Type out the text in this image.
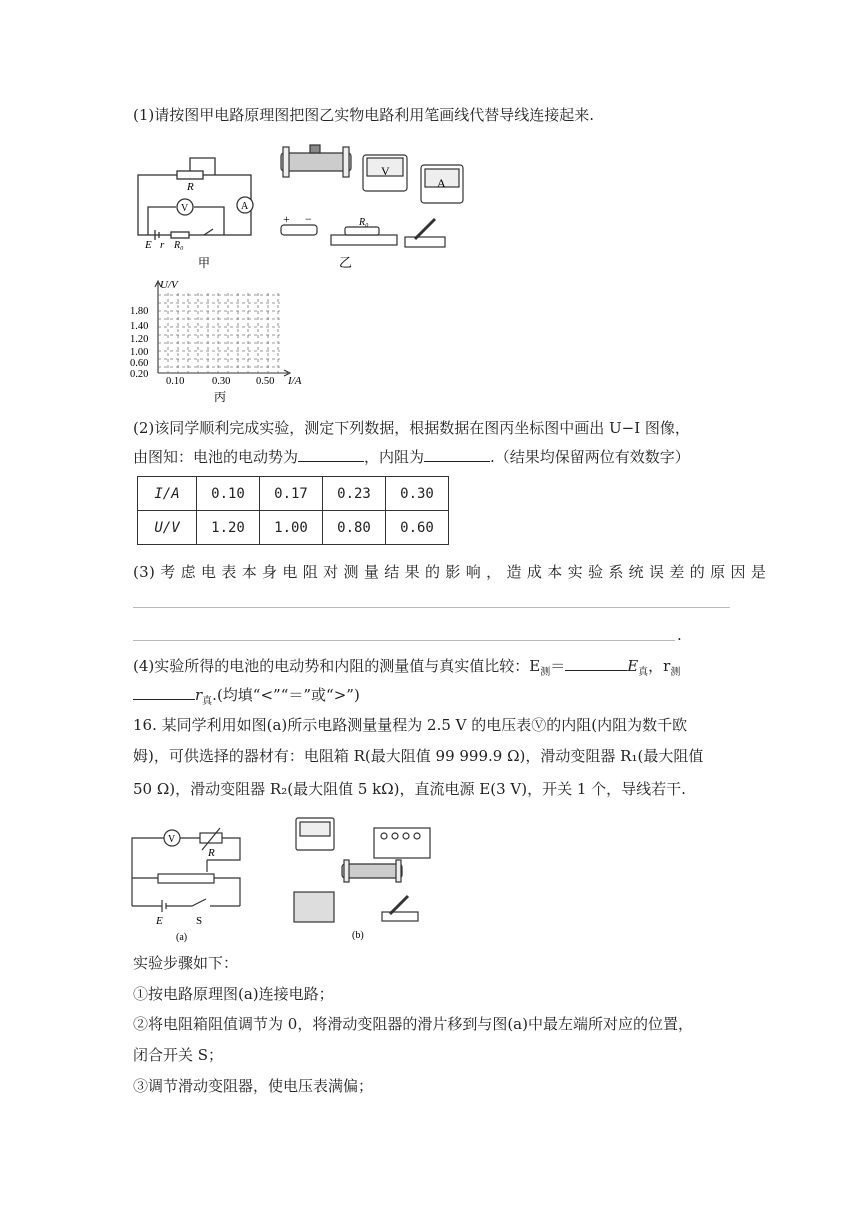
(1)请按图甲电路原理图把图乙实物电路利用笔画线代替导线连接起来.
R
V	A
E r R₀
甲
V
A
+ −	R₀
乙
U/V
I/A
1.80
1.40
1.20
1.00
0.60
0.20
0.10	0.30 0.50
丙
(2)该同学顺利完成实验，测定下列数据，根据数据在图丙坐标图中画出 U−I 图像，
由图知：电池的电动势为	，内阻为	.（结果均保留两位有效数字）
I/A	0.10	0.17	0.23	0.30
U/V	1.20	1.00	0.80	0.60
(3) 考 虑 电 表 本 身 电 阻 对 测 量 结 果 的 影 响 ， 造 成 本 实 验 系 统 误 差 的 原 因 是
.
(4)实验所得的电池的电动势和内阻的测量值与真实值比较：$E_测=$	$E_真$，$r_测$
$r_真$.(均填“<”“＝”或“>”)
16. 某同学利用如图(a)所示电路测量量程为 2.5 V 的电压表Ⓥ的内阻(内阻为数千欧
姆)，可供选择的器材有：电阻箱 R(最大阻值 99 999.9 Ω)，滑动变阻器 R₁(最大阻值
50 Ω)，滑动变阻器 R₂(最大阻值 5 kΩ)，直流电源 E(3 V)，开关 1 个，导线若干.
V
R
E	S
(a)	(b)
实验步骤如下：
①按电路原理图(a)连接电路；
②将电阻箱阻值调节为 0，将滑动变阻器的滑片移到与图(a)中最左端所对应的位置，
闭合开关 S；
③调节滑动变阻器，使电压表满偏；
